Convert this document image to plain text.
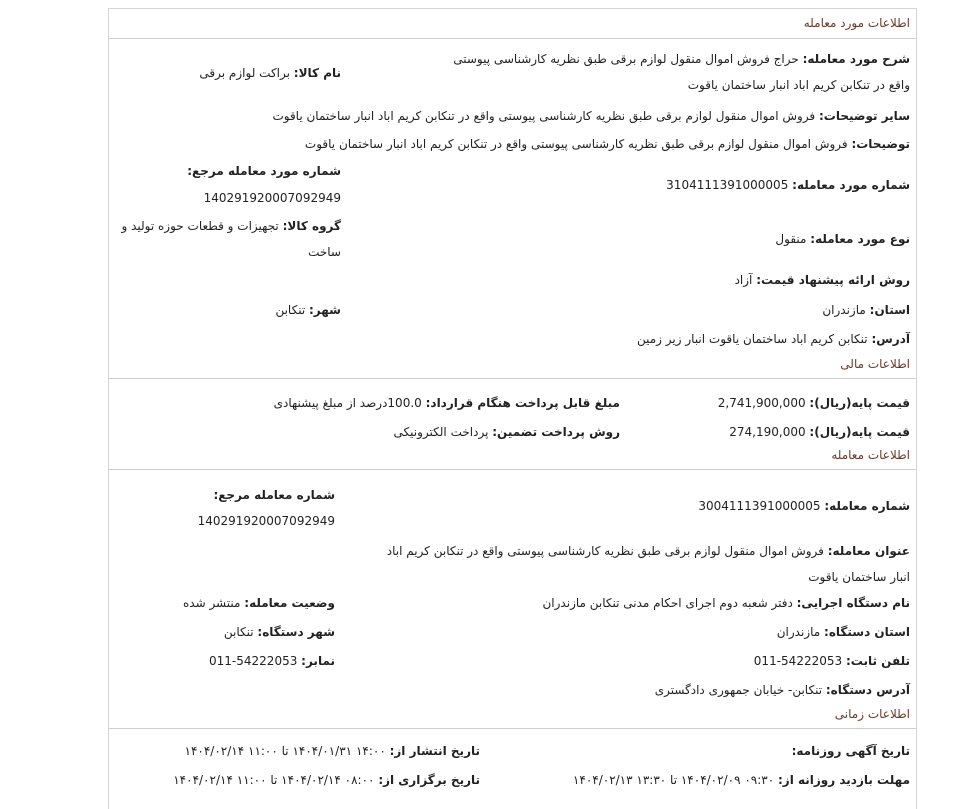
اطلاعات مورد معامله
شرح مورد معامله: حراج فروش اموال منقول لوازم برقی طبق نظریه کارشناسی پیوستی واقع در تنکابن کریم اباد انبار ساختمان یاقوت
نام کالا: براکت لوازم برقی
سایر توضیحات: فروش اموال منقول لوازم برقی طبق نظریه کارشناسی پیوستی واقع در تنکابن کریم اباد انبار ساختمان یاقوت
توضیحات: فروش اموال منقول لوازم برقی طبق نظریه کارشناسی پیوستی واقع در تنکابن کریم اباد انبار ساختمان یاقوت
شماره مورد معامله مرجع:
140291920007092949
شماره مورد معامله: 3104111391000005
گروه کالا: تجهیزات و قطعات حوزه تولید و ساخت
نوع مورد معامله: منقول
روش ارائه پیشنهاد قیمت: آزاد
استان: مازندران
شهر: تنکابن
آدرس: تنکابن کریم اباد ساختمان یاقوت انبار زیر زمین
اطلاعات مالی
قیمت پایه(ریال): 2,741,900,000
مبلغ قابل پرداخت هنگام قرارداد: 100.0درصد از مبلغ پیشنهادی
قیمت پایه(ریال): 274,190,000
روش پرداخت تضمین: پرداخت الکترونیکی
اطلاعات معامله
شماره معامله مرجع:
140291920007092949
شماره معامله: 3004111391000005
عنوان معامله: فروش اموال منقول لوازم برقی طبق نظریه کارشناسی پیوستی واقع در تنکابن کریم اباد انبار ساختمان یاقوت
وضعیت معامله: منتشر شده	نام دستگاه اجرایی: دفتر شعبه دوم اجرای احکام مدنی تنکابن مازندران
شهر دستگاه: تنکابن	استان دستگاه: مازندران
نمابر: 54222053-011	تلفن ثابت: 54222053-011
آدرس دستگاه: تنکابن- خیابان جمهوری دادگستری
اطلاعات زمانی
تاریخ آگهی روزنامه:
تاریخ انتشار از: ۱۴:۰۰ ۱۴۰۴/۰۱/۳۱ تا ۱۱:۰۰ ۱۴۰۴/۰۲/۱۴
مهلت بازدید روزانه از: ۰۹:۳۰ ۱۴۰۴/۰۲/۰۹ تا ۱۳:۳۰ ۱۴۰۴/۰۲/۱۳
تاریخ برگزاری از: ۰۸:۰۰ ۱۴۰۴/۰۲/۱۴ تا ۱۱:۰۰ ۱۴۰۴/۰۲/۱۴
